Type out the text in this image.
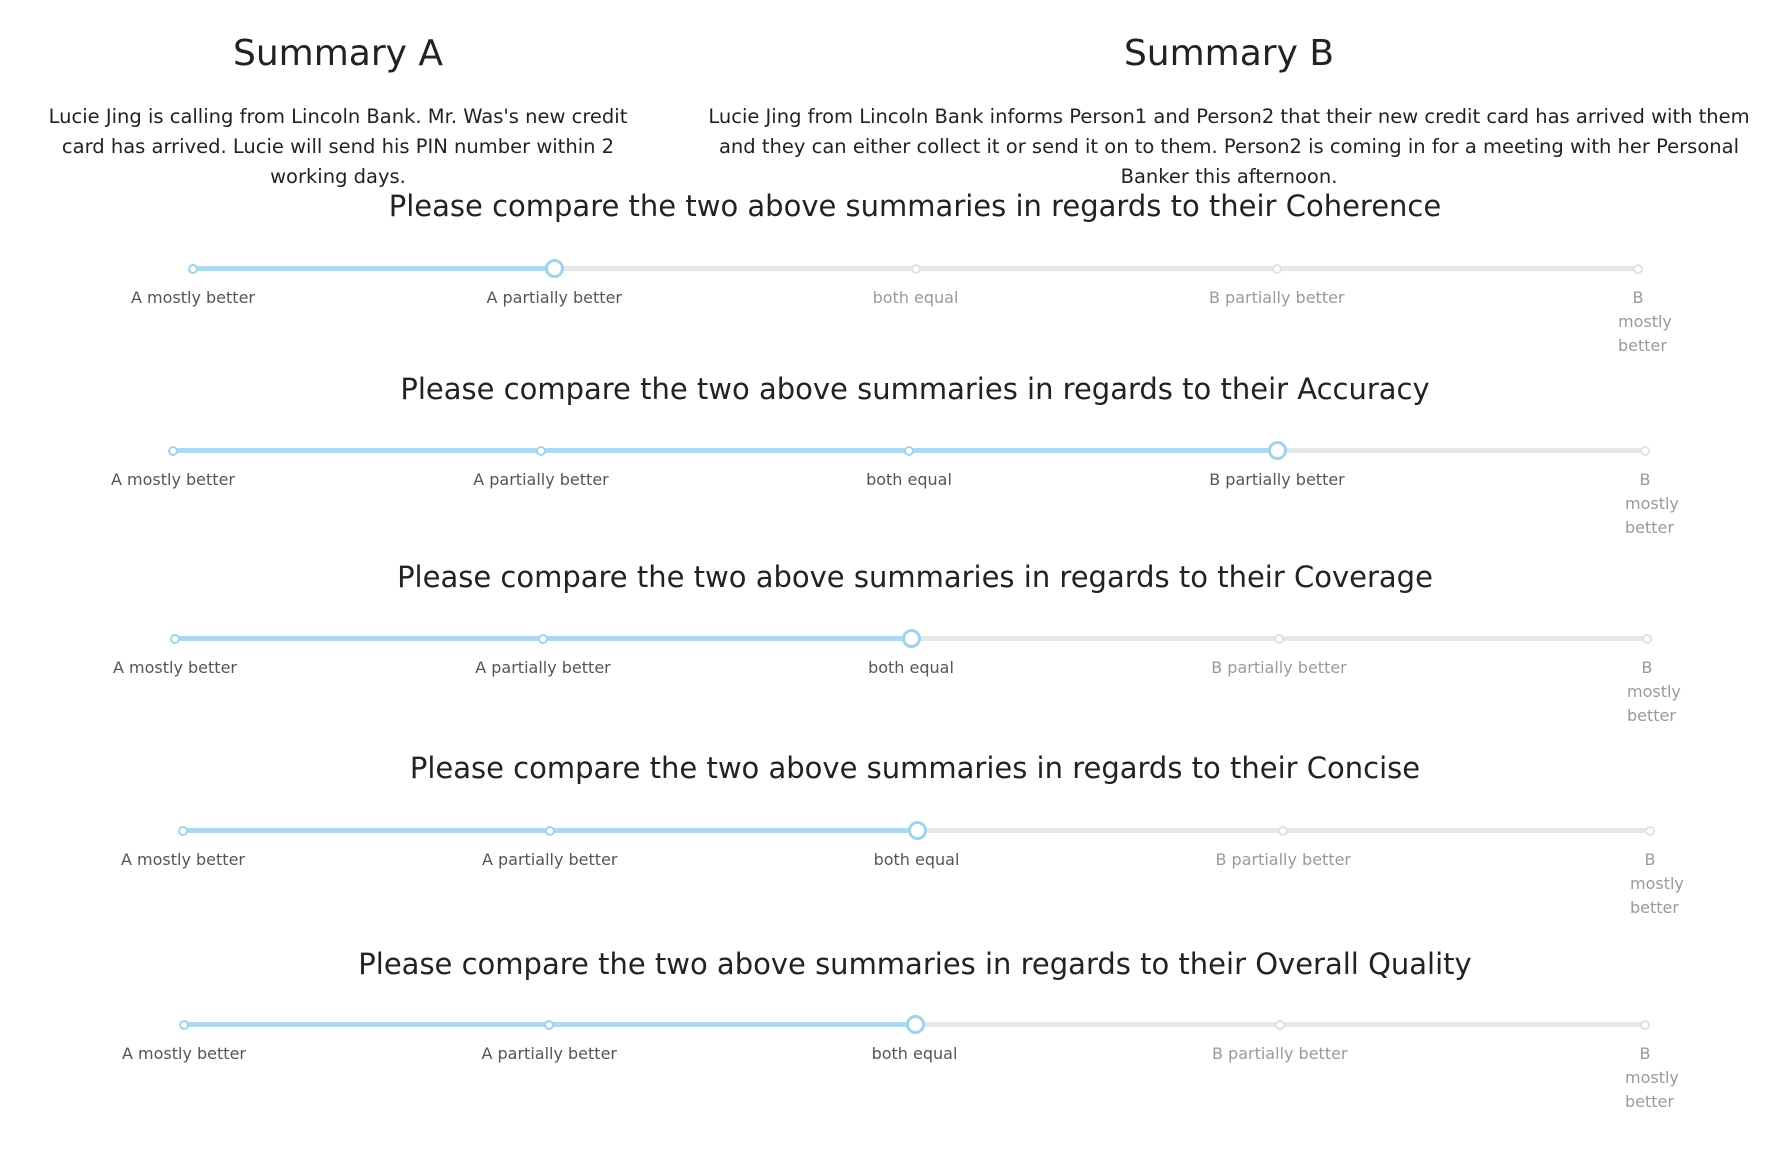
Summary A

Lucie Jing is calling from Lincoln Bank. Mr. Was's new credit card has arrived. Lucie will send his PIN number within 2 working days.

Summary B

Lucie Jing from Lincoln Bank informs Person1 and Person2 that their new credit card has arrived with them and they can either collect it or send it on to them. Person2 is coming in for a meeting with her Personal Banker this afternoon.

Please compare the two above summaries in regards to their Coherence
A mostly better	A partially better	both equal	B partially better	B mostly better
Please compare the two above summaries in regards to their Accuracy
A mostly better	A partially better	both equal	B partially better	B mostly better
Please compare the two above summaries in regards to their Coverage
A mostly better	A partially better	both equal	B partially better	B mostly better
Please compare the two above summaries in regards to their Concise
A mostly better	A partially better	both equal	B partially better	B mostly better
Please compare the two above summaries in regards to their Overall Quality
A mostly better	A partially better	both equal	B partially better	B mostly better
